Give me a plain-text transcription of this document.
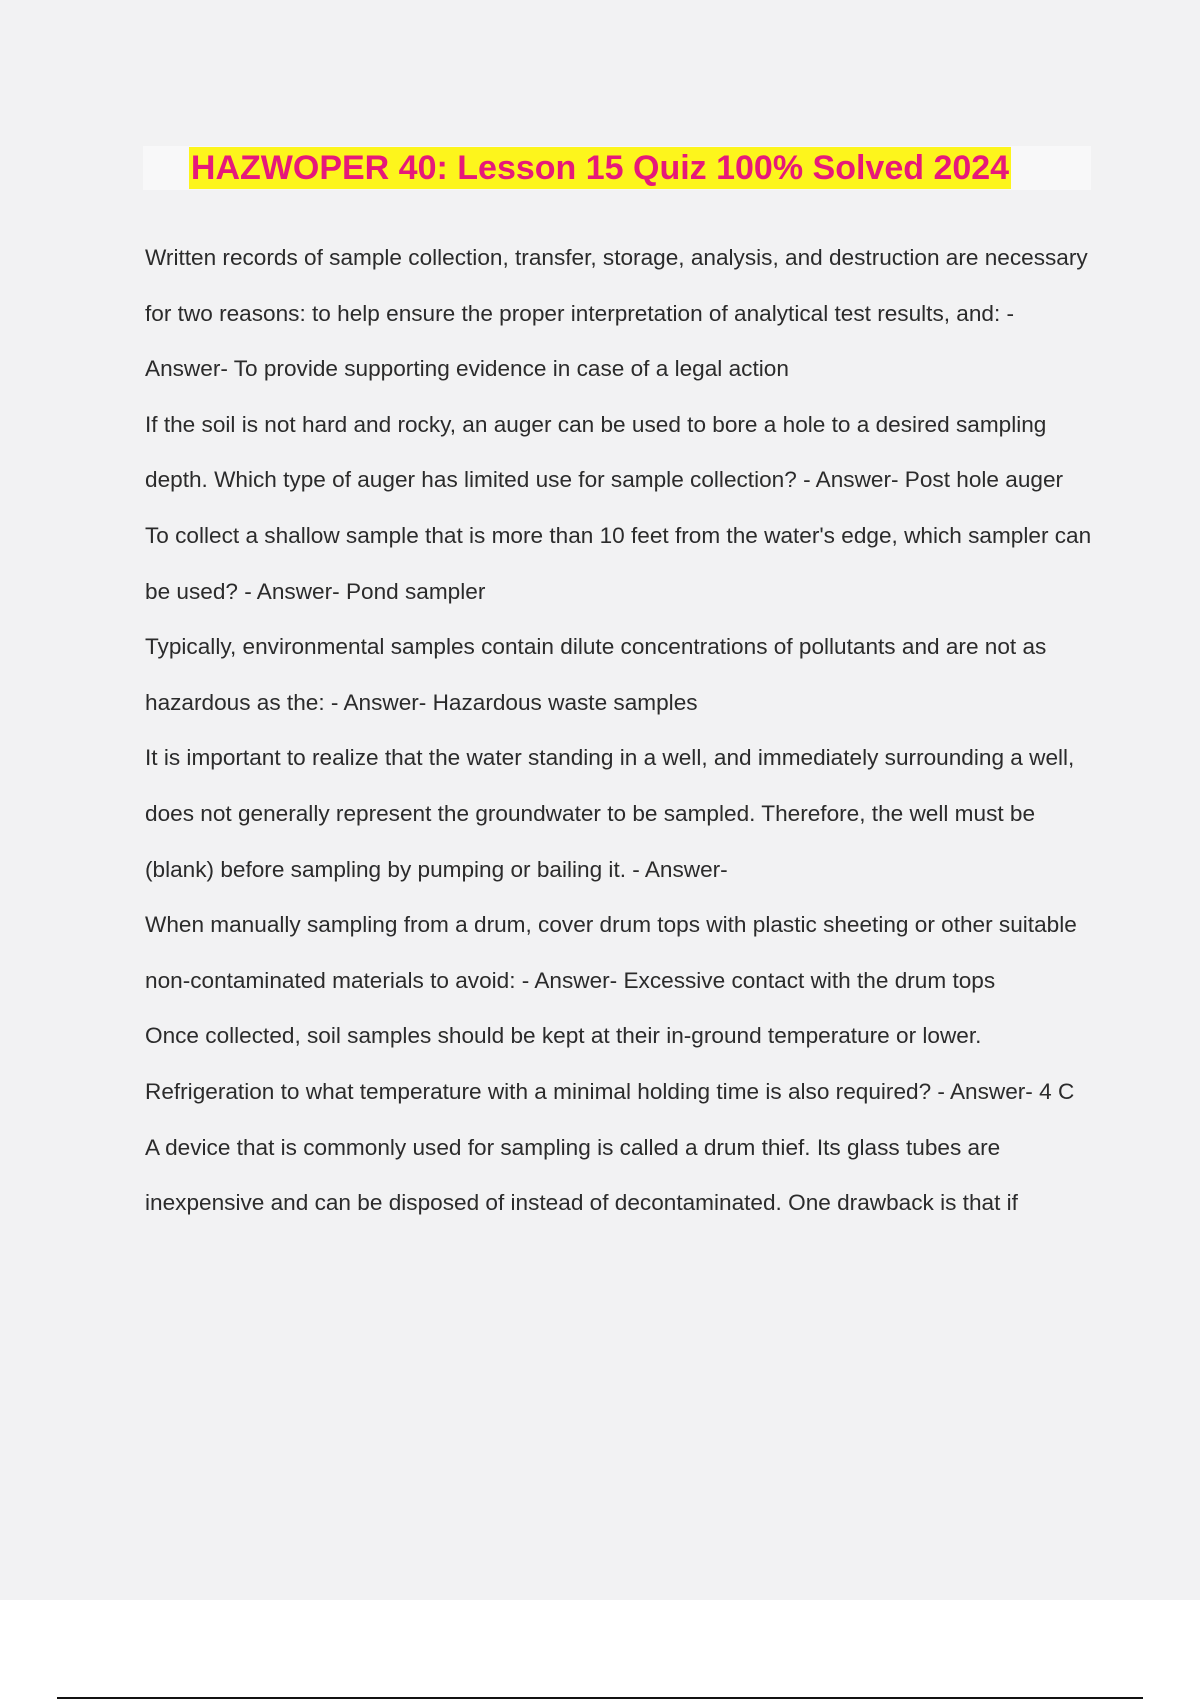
HAZWOPER 40: Lesson 15 Quiz 100% Solved 2024

Written records of sample collection, transfer, storage, analysis, and destruction are necessary for two reasons: to help ensure the proper interpretation of analytical test results, and: - Answer- To provide supporting evidence in case of a legal action

If the soil is not hard and rocky, an auger can be used to bore a hole to a desired sampling depth. Which type of auger has limited use for sample collection? - Answer- Post hole auger

To collect a shallow sample that is more than 10 feet from the water's edge, which sampler can be used? - Answer- Pond sampler

Typically, environmental samples contain dilute concentrations of pollutants and are not as hazardous as the: - Answer- Hazardous waste samples

It is important to realize that the water standing in a well, and immediately surrounding a well, does not generally represent the groundwater to be sampled. Therefore, the well must be (blank) before sampling by pumping or bailing it. - Answer-

When manually sampling from a drum, cover drum tops with plastic sheeting or other suitable non-contaminated materials to avoid: - Answer- Excessive contact with the drum tops

Once collected, soil samples should be kept at their in-ground temperature or lower. Refrigeration to what temperature with a minimal holding time is also required? - Answer- 4 C

A device that is commonly used for sampling is called a drum thief. Its glass tubes are inexpensive and can be disposed of instead of decontaminated. One drawback is that if
